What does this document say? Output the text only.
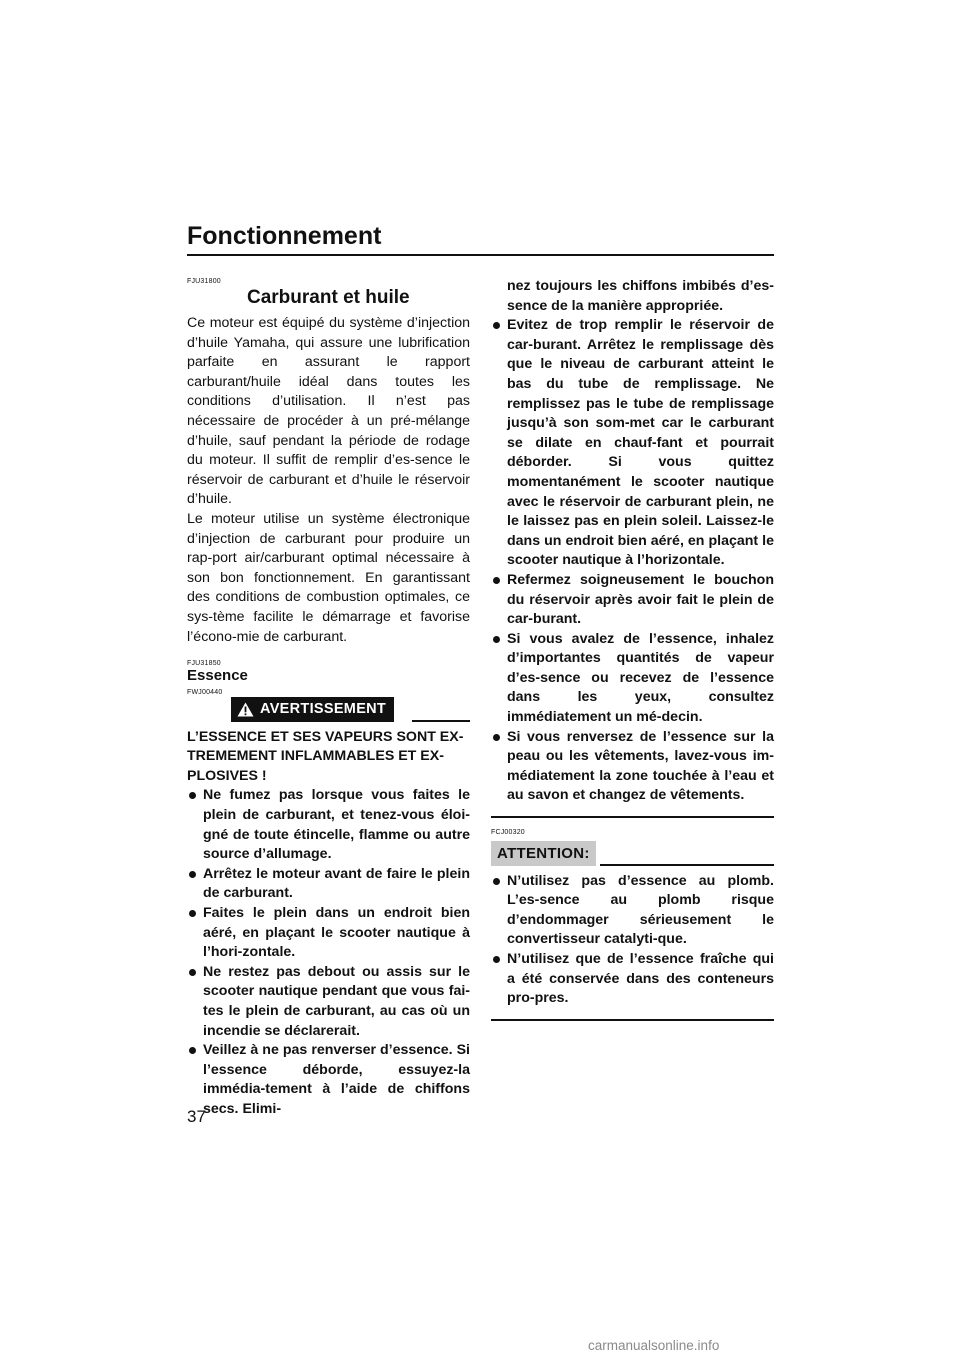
Fonctionnement
FJU31800
Carburant et huile

Ce moteur est équipé du système d’injection d’huile Yamaha, qui assure une lubrification parfaite en assurant le rapport carburant/huile idéal dans toutes les conditions d’utilisation. Il n’est pas nécessaire de procéder à un pré-mélange d’huile, sauf pendant la période de rodage du moteur. Il suffit de remplir d’es-sence le réservoir de carburant et d’huile le réservoir d’huile.

Le moteur utilise un système électronique d’injection de carburant pour produire un rap-port air/carburant optimal nécessaire à son bon fonctionnement. En garantissant des conditions de combustion optimales, ce sys-tème facilite le démarrage et favorise l’écono-mie de carburant.

FJU31850
Essence
FWJ00440
AVERTISSEMENT

L’ESSENCE ET SES VAPEURS SONT EX-TREMEMENT INFLAMMABLES ET EX-PLOSIVES !

Ne fumez pas lorsque vous faites le plein de carburant, et tenez-vous éloi-gné de toute étincelle, flamme ou autre source d’allumage.
Arrêtez le moteur avant de faire le plein de carburant.
Faites le plein dans un endroit bien aéré, en plaçant le scooter nautique à l’hori-zontale.
Ne restez pas debout ou assis sur le scooter nautique pendant que vous fai-tes le plein de carburant, au cas où un incendie se déclarerait.
Veillez à ne pas renverser d’essence. Si l’essence déborde, essuyez-la immédia-tement à l’aide de chiffons secs. Elimi-
nez toujours les chiffons imbibés d’es-sence de la manière appropriée.
Evitez de trop remplir le réservoir de car-burant. Arrêtez le remplissage dès que le niveau de carburant atteint le bas du tube de remplissage. Ne remplissez pas le tube de remplissage jusqu’à son som-met car le carburant se dilate en chauf-fant et pourrait déborder. Si vous quittez momentanément le scooter nautique avec le réservoir de carburant plein, ne le laissez pas en plein soleil. Laissez-le dans un endroit bien aéré, en plaçant le scooter nautique à l’horizontale.
Refermez soigneusement le bouchon du réservoir après avoir fait le plein de car-burant.
Si vous avalez de l’essence, inhalez d’importantes quantités de vapeur d’es-sence ou recevez de l’essence dans les yeux, consultez immédiatement un mé-decin.
Si vous renversez de l’essence sur la peau ou les vêtements, lavez-vous im-médiatement la zone touchée à l’eau et au savon et changez de vêtements.
FCJ00320
ATTENTION:
N’utilisez pas d’essence au plomb. L’es-sence au plomb risque d’endommager sérieusement le convertisseur catalyti-que.
N’utilisez que de l’essence fraîche qui a été conservée dans des conteneurs pro-pres.
37
carmanualsonline.info
